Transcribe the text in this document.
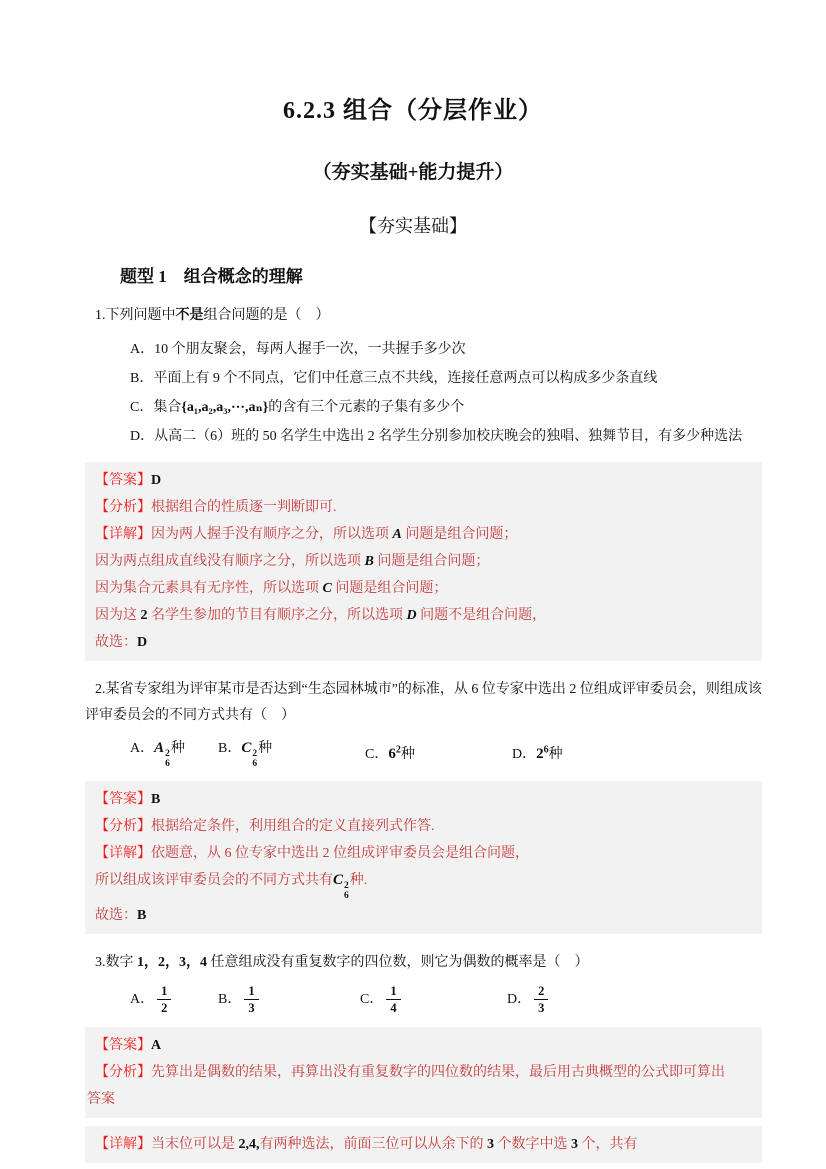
6.2.3 组合（分层作业）
（夯实基础+能力提升）
【夯实基础】
题型 1　组合概念的理解

1.下列问题中不是组合问题的是（　）

A．10 个朋友聚会，每两人握手一次，一共握手多少次
B．平面上有 9 个不同点，它们中任意三点不共线，连接任意两点可以构成多少条直线
C．集合{a₁,a₂,a₃,⋯,aₙ}的含有三个元素的子集有多少个
D．从高二（6）班的 50 名学生中选出 2 名学生分别参加校庆晚会的独唱、独舞节目，有多少种选法
【答案】D
【分析】根据组合的性质逐一判断即可.
【详解】因为两人握手没有顺序之分，所以选项 A 问题是组合问题；
因为两点组成直线没有顺序之分，所以选项 B 问题是组合问题；
因为集合元素具有无序性，所以选项 C 问题是组合问题；
因为这 2 名学生参加的节目有顺序之分，所以选项 D 问题不是组合问题，
故选：D

2.某省专家组为评审某市是否达到“生态园林城市”的标准，从 6 位专家中选出 2 位组成评审委员会，则组成该评审委员会的不同方式共有（　）

A．A 2
6
种	B．C 2
6
种	C．$6^2$种	D．$2^6$种
【答案】B
【分析】根据给定条件，利用组合的定义直接列式作答.
【详解】依题意，从 6 位专家中选出 2 位组成评审委员会是组合问题，
所以组成该评审委员会的不同方式共有C 2
6
种.
故选：B

3.数字 1，2，3，4 任意组成没有重复数字的四位数，则它为偶数的概率是（　）

A． $\frac{1}{2}$	B． $\frac{1}{3}$	C． $\frac{1}{4}$	D． $\frac{2}{3}$
【答案】A
【分析】先算出是偶数的结果，再算出没有重复数字的四位数的结果，最后用古典概型的公式即可算出
答案
【详解】当末位可以是 2,4,有两种选法，前面三位可以从余下的 3 个数字中选 3 个，共有
